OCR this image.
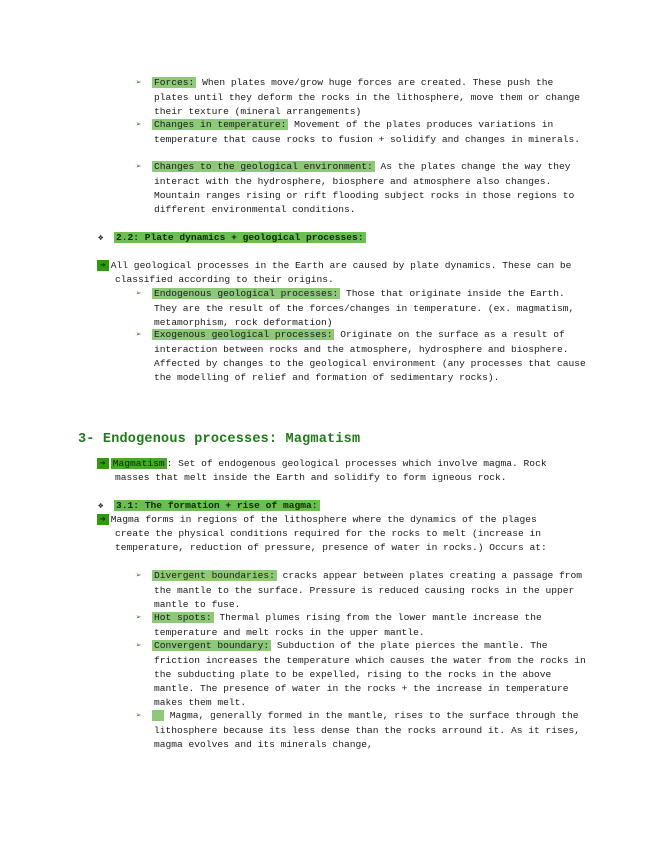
➢ Forces: When plates move/grow huge forces are created. These push the plates until they deform the rocks in the lithosphere, move them or change their texture (mineral arrangements)
➢ Changes in temperature: Movement of the plates produces variations in temperature that cause rocks to fusion + solidify and changes in minerals.
➢ Changes to the geological environment: As the plates change the way they interact with the hydrosphere, biosphere and atmosphere also changes. Mountain ranges rising or rift flooding subject rocks in those regions to different environmental conditions.
❖ 2.2: Plate dynamics + geological processes:
➔ All geological processes in the Earth are caused by plate dynamics. These can be classified according to their origins.
➢ Endogenous geological processes: Those that originate inside the Earth. They are the result of the forces/changes in temperature. (ex. magmatism, metamorphism, rock deformation)
➢ Exogenous geological processes: Originate on the surface as a result of interaction between rocks and the atmosphere, hydrosphere and biosphere. Affected by changes to the geological environment (any processes that cause the modelling of relief and formation of sedimentary rocks).
3- Endogenous processes: Magmatism
➔ Magmatism : Set of endogenous geological processes which involve magma. Rock masses that melt inside the Earth and solidify to form igneous rock.
❖ 3.1: The formation + rise of magma:
➔ Magma forms in regions of the lithosphere where the dynamics of the plages create the physical conditions required for the rocks to melt (increase in temperature, reduction of pressure, presence of water in rocks.) Occurs at:
➢ Divergent boundaries: cracks appear between plates creating a passage from the mantle to the surface. Pressure is reduced causing rocks in the upper mantle to fuse.
➢ Hot spots: Thermal plumes rising from the lower mantle increase the temperature and melt rocks in the upper mantle.
➢ Convergent boundary: Subduction of the plate pierces the mantle. The friction increases the temperature which causes the water from the rocks in the subducting plate to be expelled, rising to the rocks in the above mantle. The presence of water in the rocks + the increase in temperature makes them melt.
➢ Magma, generally formed in the mantle, rises to the surface through the lithosphere because its less dense than the rocks arround it. As it rises, magma evolves and its minerals change,
